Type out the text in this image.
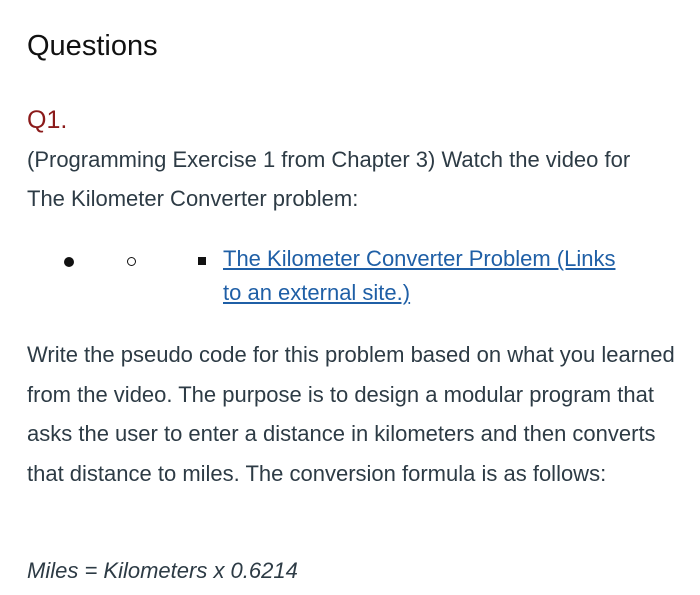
Questions
Q1.

(Programming Exercise 1 from Chapter 3) Watch the video for The Kilometer Converter problem:

The Kilometer Converter Problem (Links to an external site.)

Write the pseudo code for this problem based on what you learned from the video. The purpose is to design a modular program that asks the user to enter a distance in kilometers and then converts that distance to miles. The conversion formula is as follows:

Miles = Kilometers x 0.6214
